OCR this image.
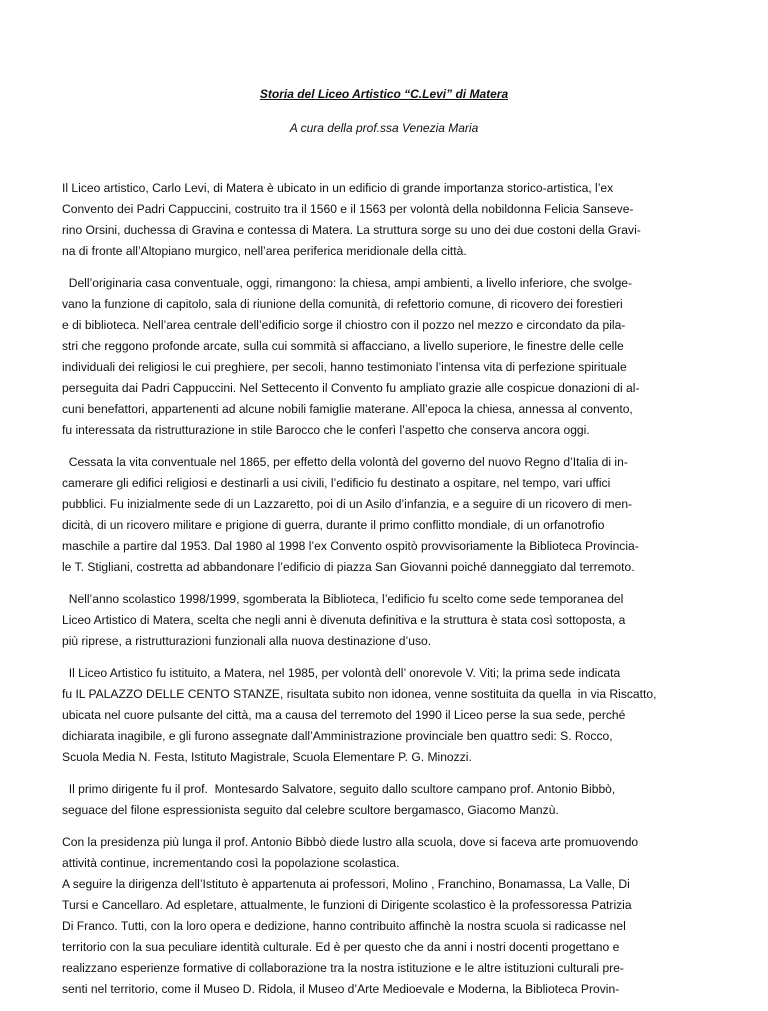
Storia del Liceo Artistico “C.Levi” di Matera
A cura della prof.ssa Venezia Maria
Il Liceo artistico, Carlo Levi, di Matera è ubicato in un edificio di grande importanza storico-artistica, l’ex
Convento dei Padri Cappuccini, costruito tra il 1560 e il 1563 per volontà della nobildonna Felicia Sanseve-
rino Orsini, duchessa di Gravina e contessa di Matera. La struttura sorge su uno dei due costoni della Gravi-
na di fronte all’Altopiano murgico, nell’area periferica meridionale della città.
Dell’originaria casa conventuale, oggi, rimangono: la chiesa, ampi ambienti, a livello inferiore, che svolge-
vano la funzione di capitolo, sala di riunione della comunità, di refettorio comune, di ricovero dei forestieri
e di biblioteca. Nell’area centrale dell’edificio sorge il chiostro con il pozzo nel mezzo e circondato da pila-
stri che reggono profonde arcate, sulla cui sommità si affacciano, a livello superiore, le finestre delle celle
individuali dei religiosi le cui preghiere, per secoli, hanno testimoniato l’intensa vita di perfezione spirituale
perseguita dai Padri Cappuccini. Nel Settecento il Convento fu ampliato grazie alle cospicue donazioni di al-
cuni benefattori, appartenenti ad alcune nobili famiglie materane. All’epoca la chiesa, annessa al convento,
fu interessata da ristrutturazione in stile Barocco che le conferì l’aspetto che conserva ancora oggi.
Cessata la vita conventuale nel 1865, per effetto della volontà del governo del nuovo Regno d’Italia di in-
camerare gli edifici religiosi e destinarli a usi civili, l’edificio fu destinato a ospitare, nel tempo, vari uffici
pubblici. Fu inizialmente sede di un Lazzaretto, poi di un Asilo d’infanzia, e a seguire di un ricovero di men-
dicità, di un ricovero militare e prigione di guerra, durante il primo conflitto mondiale, di un orfanotrofio
maschile a partire dal 1953. Dal 1980 al 1998 l’ex Convento ospitò provvisoriamente la Biblioteca Provincia-
le T. Stigliani, costretta ad abbandonare l’edificio di piazza San Giovanni poiché danneggiato dal terremoto.
Nell’anno scolastico 1998/1999, sgomberata la Biblioteca, l’edificio fu scelto come sede temporanea del
Liceo Artistico di Matera, scelta che negli anni è divenuta definitiva e la struttura è stata così sottoposta, a
più riprese, a ristrutturazioni funzionali alla nuova destinazione d’uso.
Il Liceo Artistico fu istituito, a Matera, nel 1985, per volontà dell’ onorevole V. Viti; la prima sede indicata
fu IL PALAZZO DELLE CENTO STANZE, risultata subito non idonea, venne sostituita da quella  in via Riscatto,
ubicata nel cuore pulsante del città, ma a causa del terremoto del 1990 il Liceo perse la sua sede, perché
dichiarata inagibile, e gli furono assegnate dall’Amministrazione provinciale ben quattro sedi: S. Rocco,
Scuola Media N. Festa, Istituto Magistrale, Scuola Elementare P. G. Minozzi.
Il primo dirigente fu il prof.  Montesardo Salvatore, seguito dallo scultore campano prof. Antonio Bibbò,
seguace del filone espressionista seguito dal celebre scultore bergamasco, Giacomo Manzù.
Con la presidenza più lunga il prof. Antonio Bibbò diede lustro alla scuola, dove si faceva arte promuovendo
attività continue, incrementando così la popolazione scolastica.
A seguire la dirigenza dell’Istituto è appartenuta ai professori, Molino , Franchino, Bonamassa, La Valle, Di
Tursi e Cancellaro. Ad espletare, attualmente, le funzioni di Dirigente scolastico è la professoressa Patrizia
Di Franco. Tutti, con la loro opera e dedizione, hanno contribuito affinchè la nostra scuola si radicasse nel
territorio con la sua peculiare identità culturale. Ed è per questo che da anni i nostri docenti progettano e
realizzano esperienze formative di collaborazione tra la nostra istituzione e le altre istituzioni culturali pre-
senti nel territorio, come il Museo D. Ridola, il Museo d’Arte Medioevale e Moderna, la Biblioteca Provin-
